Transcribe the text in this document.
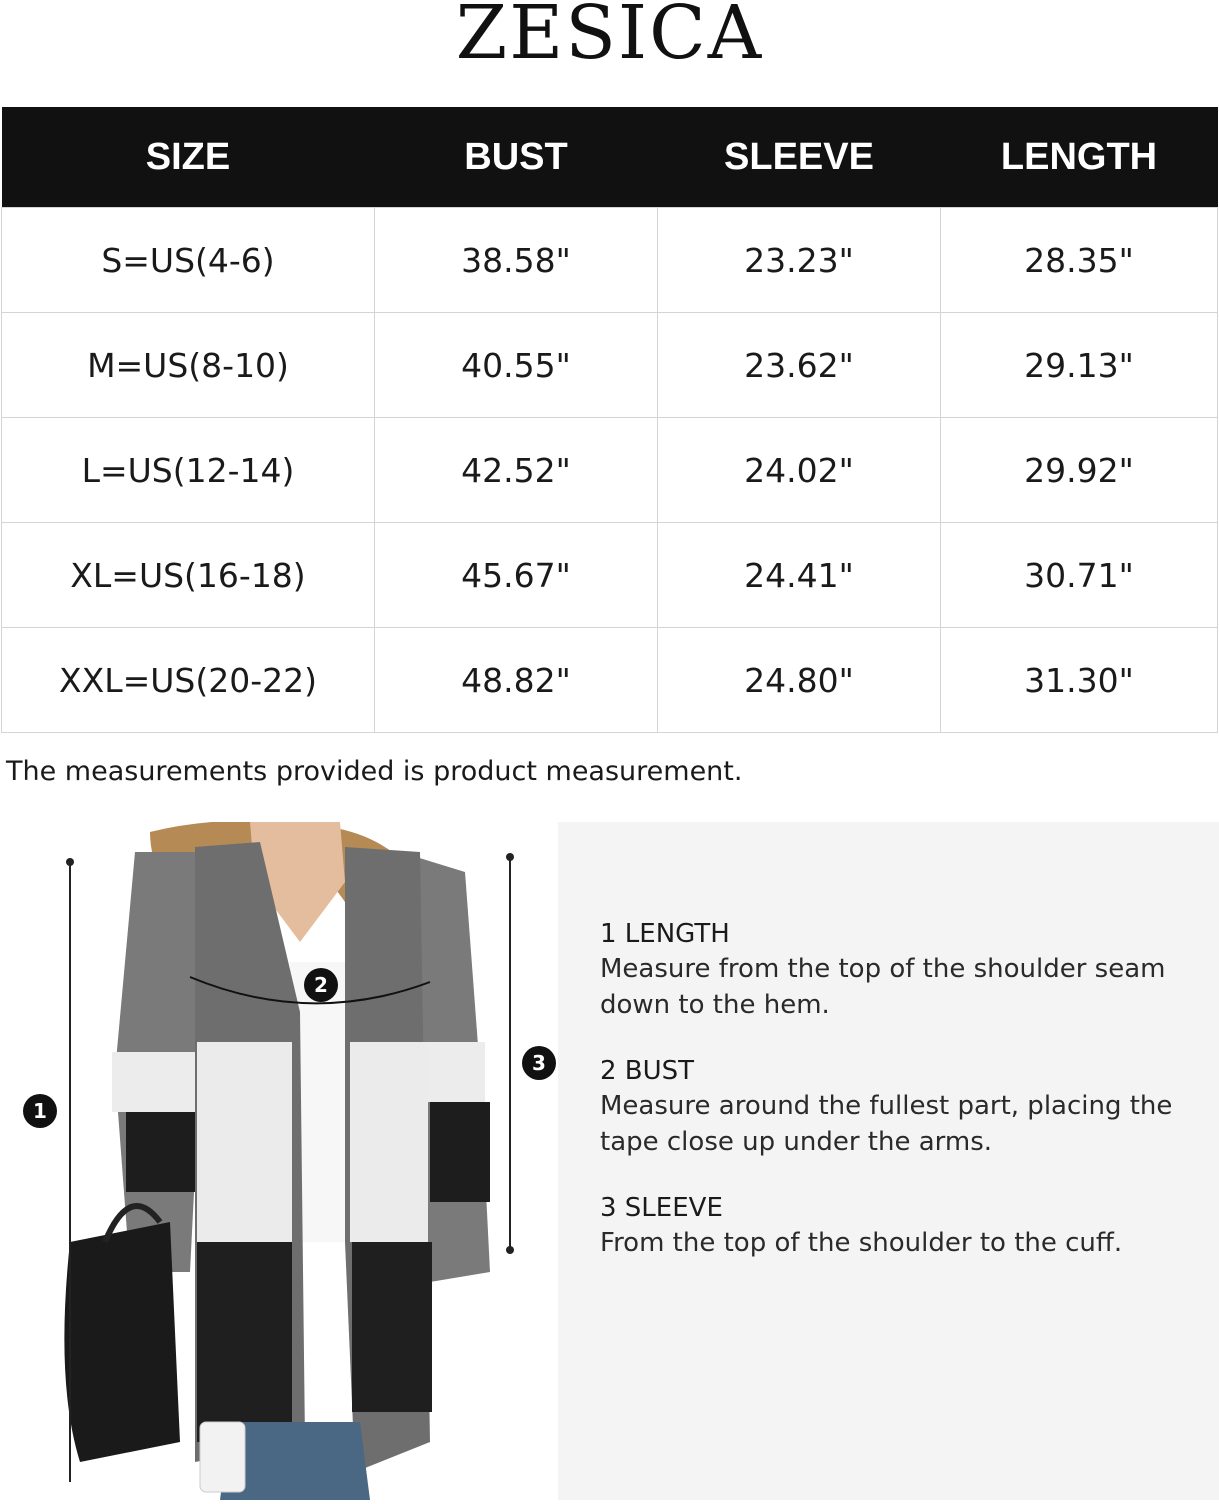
ZESICA
SIZE	BUST	SLEEVE	LENGTH
S=US(4-6)	38.58"	23.23"	28.35"
M=US(8-10)	40.55"	23.62"	29.13"
L=US(12-14)	42.52"	24.02"	29.92"
XL=US(16-18)	45.67"	24.41"	30.71"
XXL=US(20-22)	48.82"	24.80"	31.30"
The measurements provided is product measurement.
1
2
3
1 LENGTH
Measure from the top of the shoulder seam down to the hem.
2 BUST
Measure around the fullest part, placing the tape close up under the arms.
3 SLEEVE
From the top of the shoulder to the cuff.
